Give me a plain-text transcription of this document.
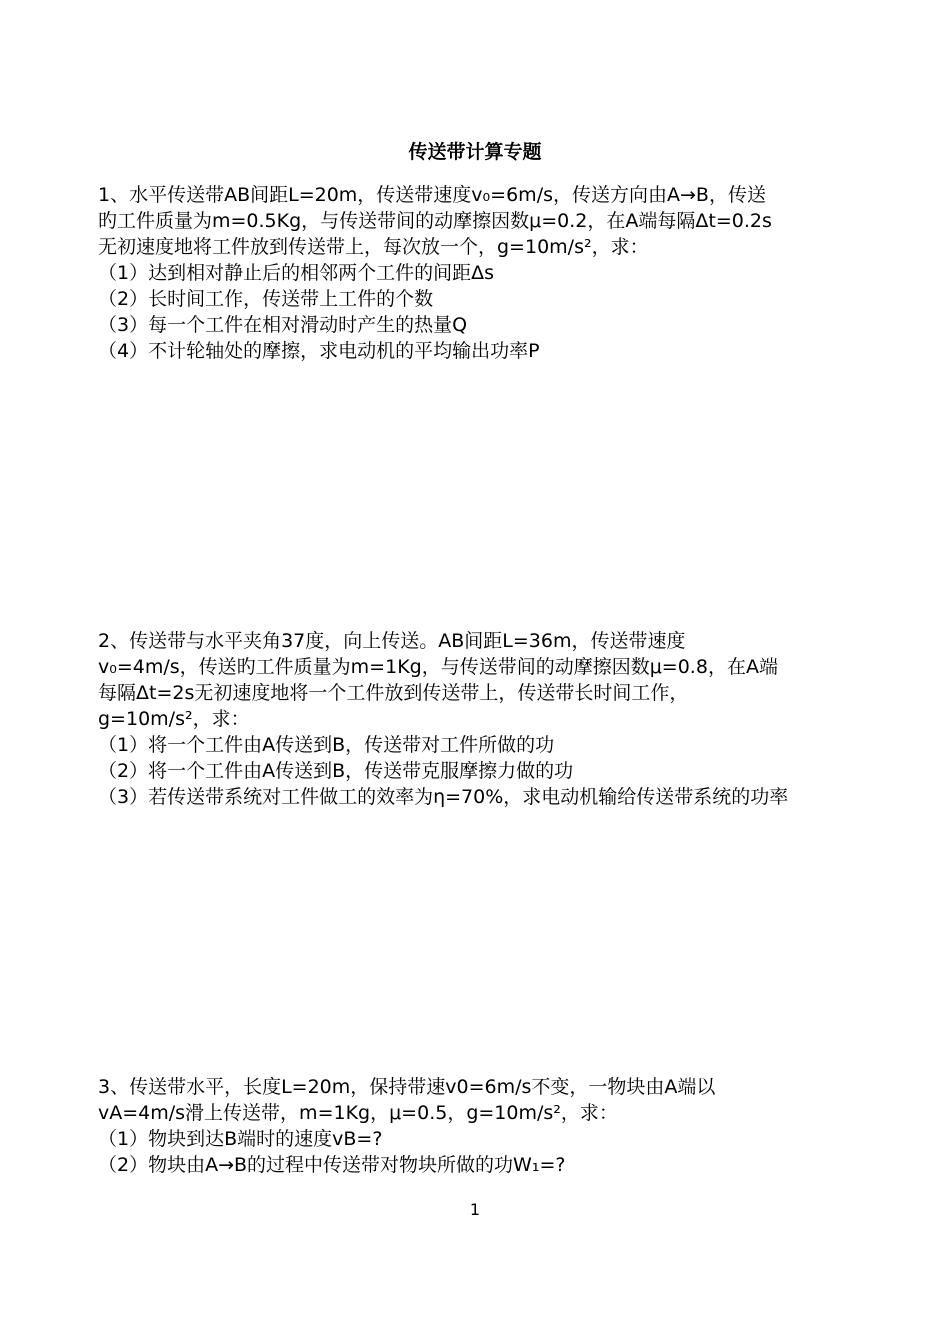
传送带计算专题
1、水平传送带AB间距L=20m，传送带速度v₀=6m/s，传送方向由A→B，传送
旳工件质量为m=0.5Kg，与传送带间的动摩擦因数μ=0.2，在A端每隔Δt=0.2s
无初速度地将工件放到传送带上，每次放一个，g=10m/s²，求：
（1）达到相对静止后的相邻两个工件的间距Δs
（2）长时间工作，传送带上工件的个数
（3）每一个工件在相对滑动时产生的热量Q
（4）不计轮轴处的摩擦，求电动机的平均输出功率P
2、传送带与水平夹角37度，向上传送。AB间距L=36m，传送带速度
v₀=4m/s，传送旳工件质量为m=1Kg，与传送带间的动摩擦因数μ=0.8，在A端
每隔Δt=2s无初速度地将一个工件放到传送带上，传送带长时间工作，
g=10m/s²，求：
（1）将一个工件由A传送到B，传送带对工件所做的功
（2）将一个工件由A传送到B，传送带克服摩擦力做的功
（3）若传送带系统对工件做工的效率为η=70%，求电动机输给传送带系统的功率
3、传送带水平，长度L=20m，保持带速v0=6m/s不变，一物块由A端以
vA=4m/s滑上传送带，m=1Kg，μ=0.5，g=10m/s²，求：
（1）物块到达B端时的速度vB=?
（2）物块由A→B的过程中传送带对物块所做的功W₁=?
1
